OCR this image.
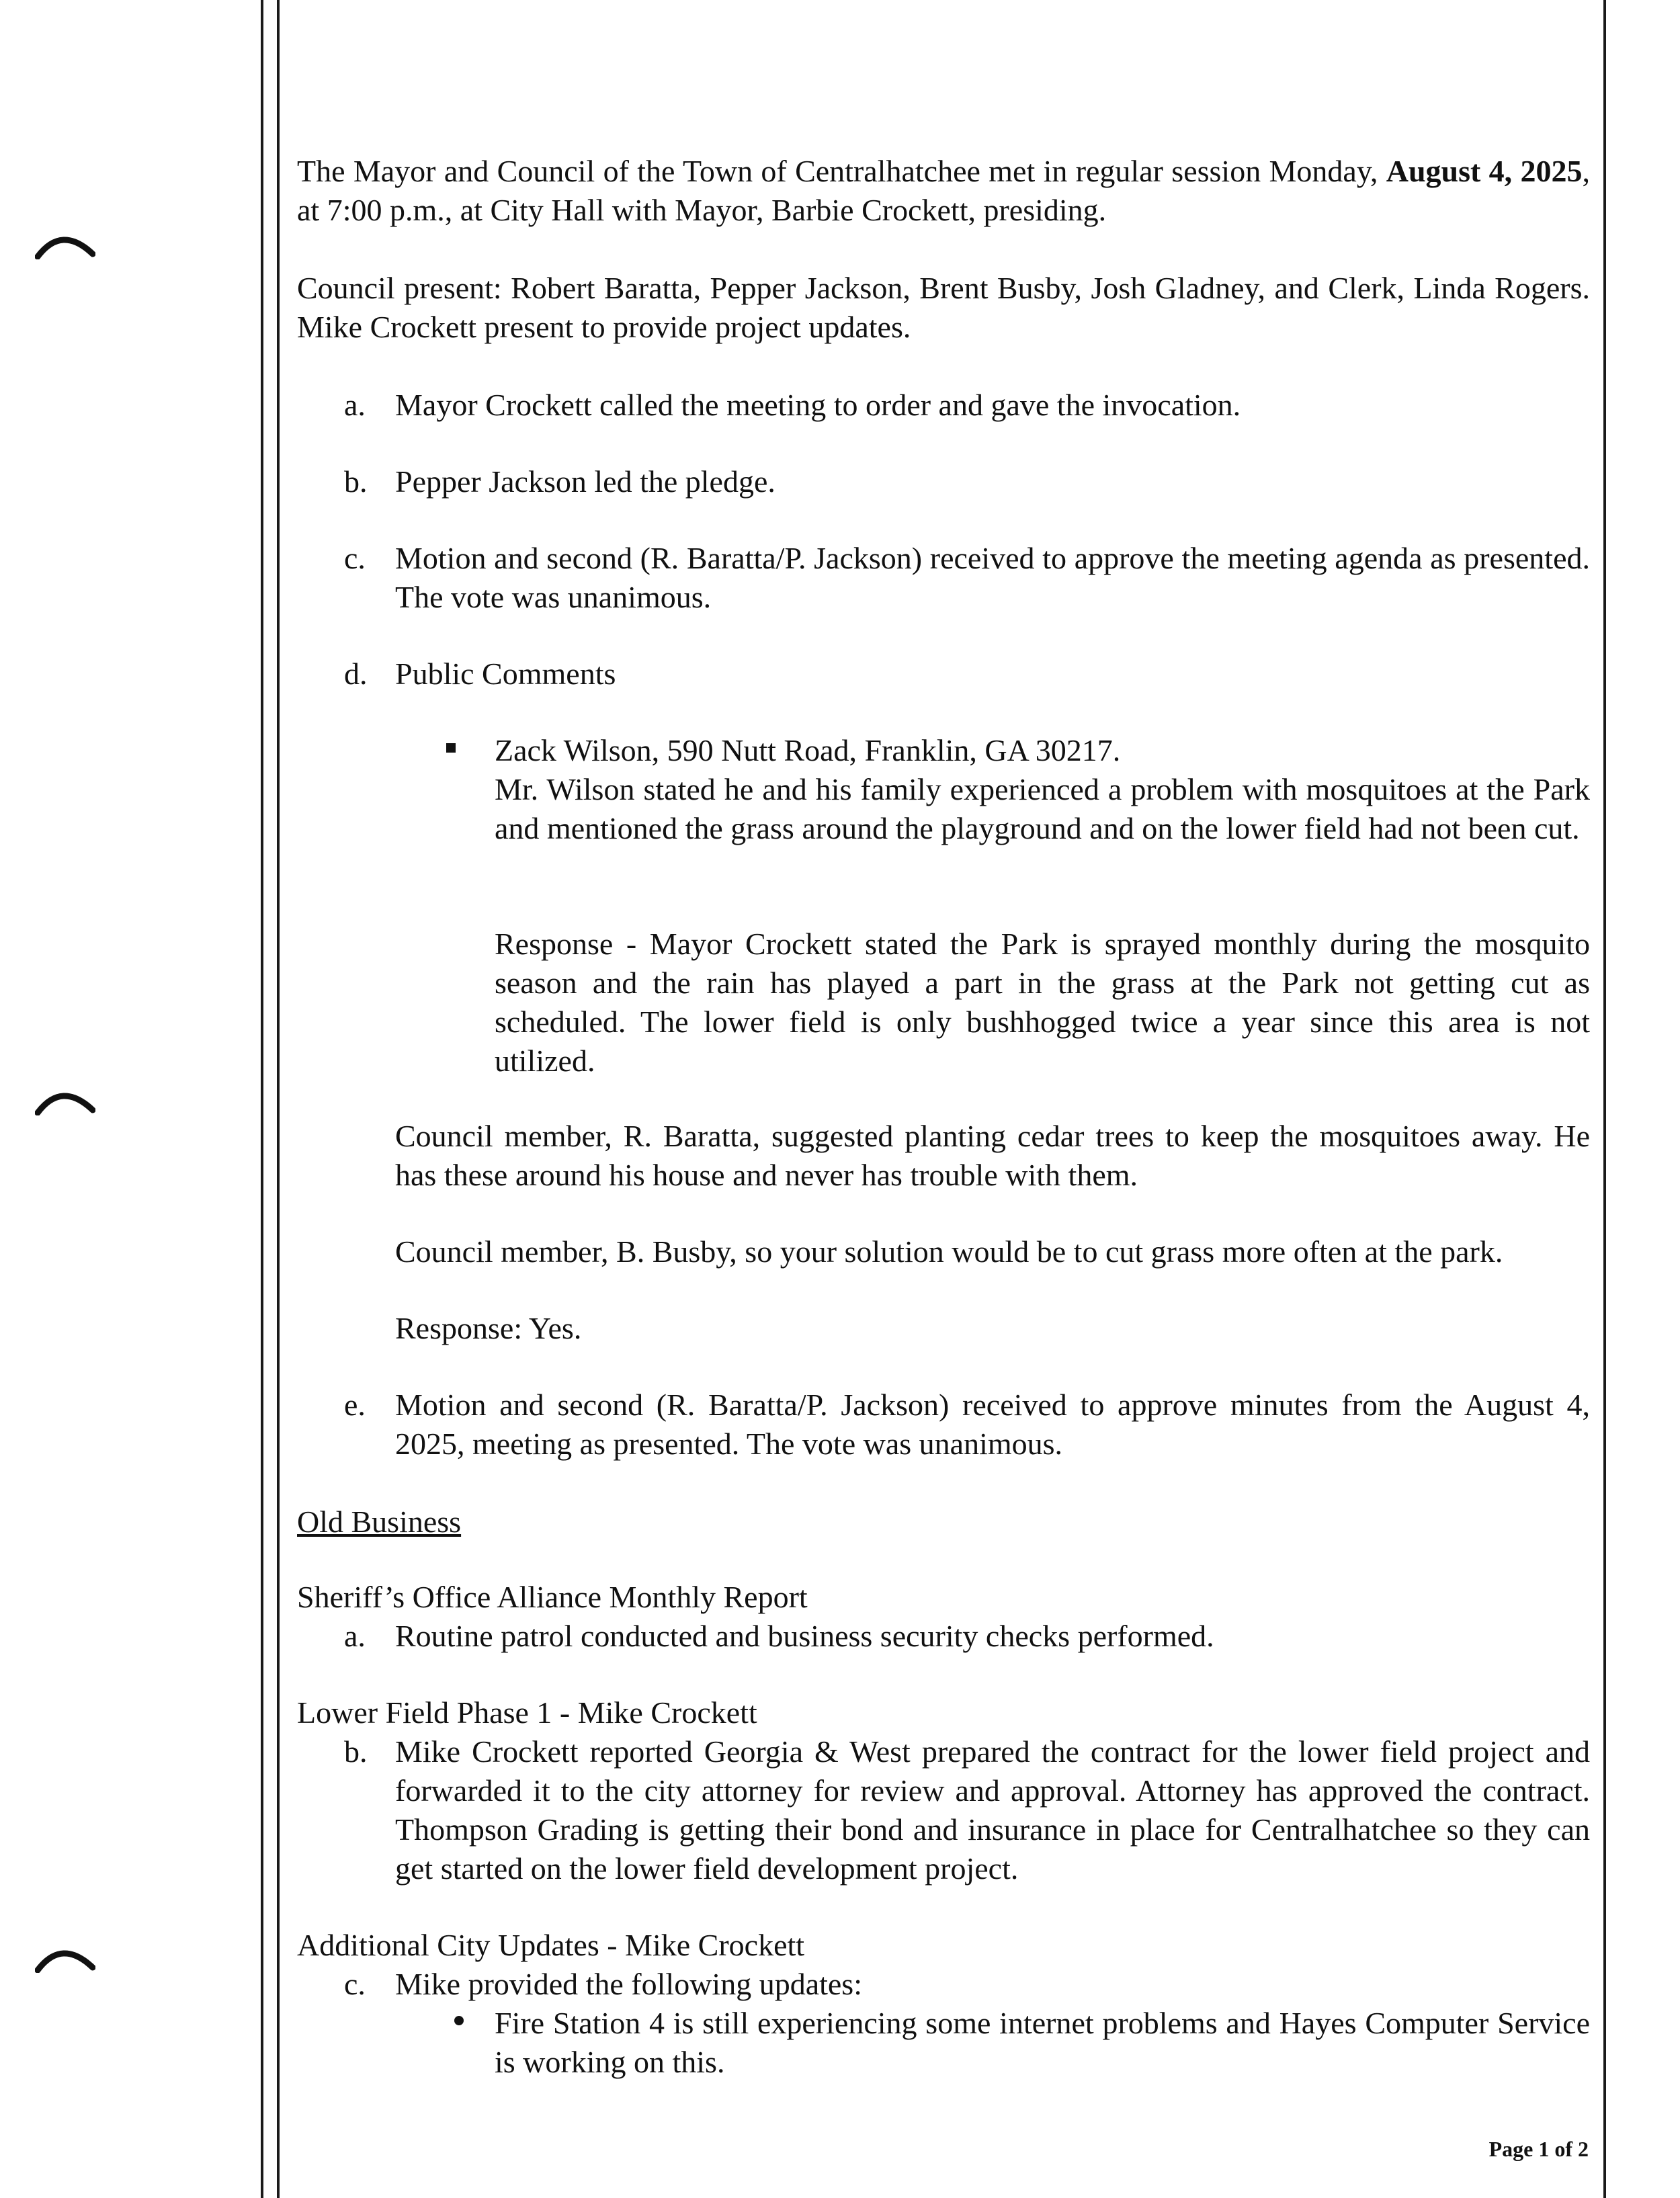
The Mayor and Council of the Town of Centralhatchee met in regular session Monday, August 4, 2025, at 7:00 p.m., at City Hall with Mayor, Barbie Crockett, presiding.
Council present: Robert Baratta, Pepper Jackson, Brent Busby, Josh Gladney, and Clerk, Linda Rogers. Mike Crockett present to provide project updates.
a. Mayor Crockett called the meeting to order and gave the invocation.
b. Pepper Jackson led the pledge.
c. Motion and second (R. Baratta/P. Jackson) received to approve the meeting agenda as presented. The vote was unanimous.
d. Public Comments
Zack Wilson, 590 Nutt Road, Franklin, GA 30217.
Mr. Wilson stated he and his family experienced a problem with mosquitoes at the Park and mentioned the grass around the playground and on the lower field had not been cut.
Response - Mayor Crockett stated the Park is sprayed monthly during the mosquito season and the rain has played a part in the grass at the Park not getting cut as scheduled. The lower field is only bushhogged twice a year since this area is not utilized.
Council member, R. Baratta, suggested planting cedar trees to keep the mosquitoes away. He has these around his house and never has trouble with them.
Council member, B. Busby, so your solution would be to cut grass more often at the park.
Response: Yes.
e. Motion and second (R. Baratta/P. Jackson) received to approve minutes from the August 4, 2025, meeting as presented. The vote was unanimous.
Old Business
Sheriff’s Office Alliance Monthly Report
a. Routine patrol conducted and business security checks performed.
Lower Field Phase 1 - Mike Crockett
b. Mike Crockett reported Georgia & West prepared the contract for the lower field project and forwarded it to the city attorney for review and approval. Attorney has approved the contract. Thompson Grading is getting their bond and insurance in place for Centralhatchee so they can get started on the lower field development project.
Additional City Updates - Mike Crockett
c. Mike provided the following updates:
Fire Station 4 is still experiencing some internet problems and Hayes Computer Service is working on this.
Page 1 of 2
